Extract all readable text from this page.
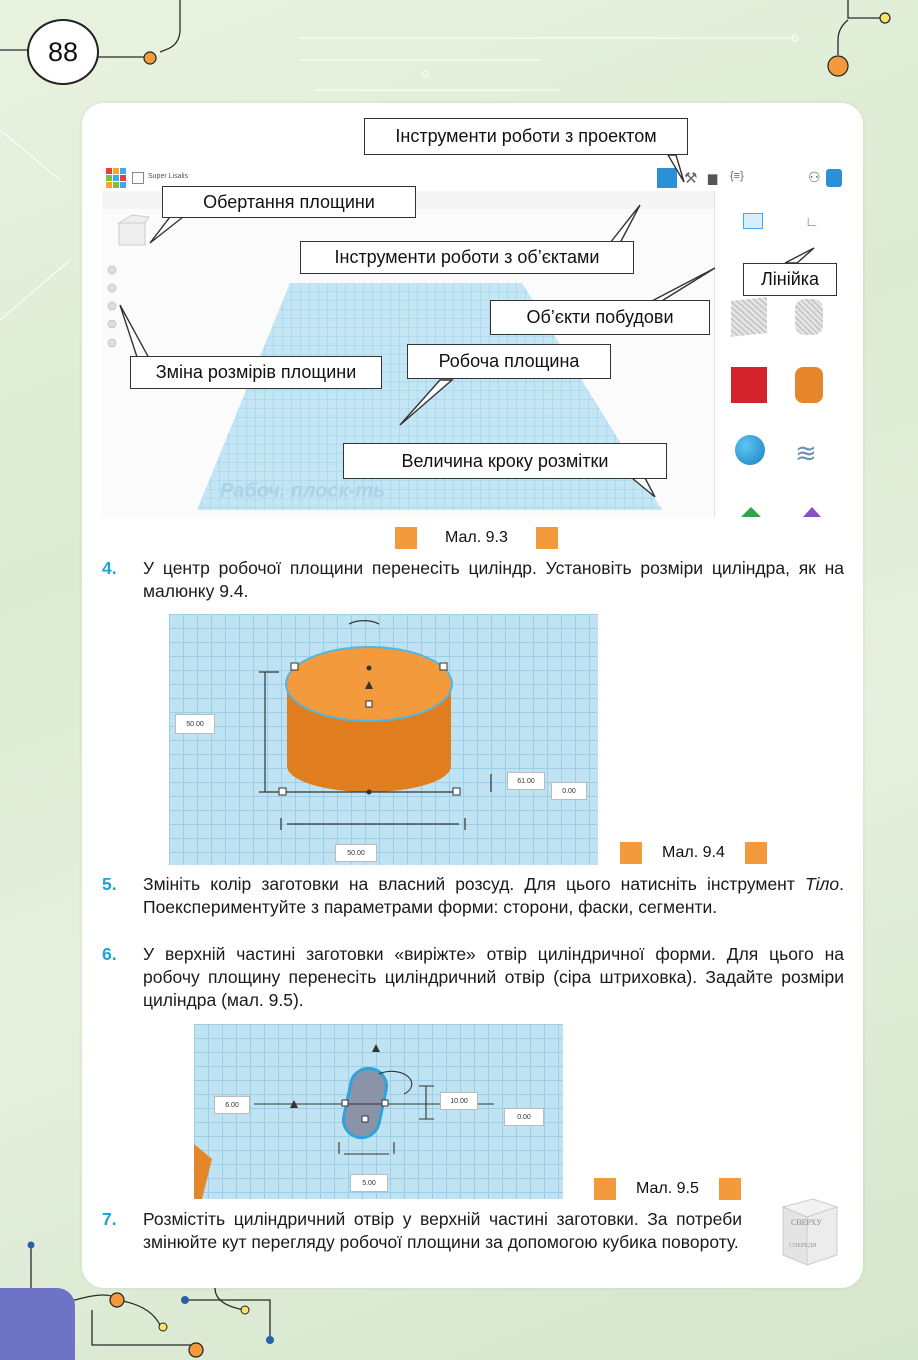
88
Super Lisalis	⚒ ▆ {≡}	⚇
Рабоч. плоск-ть
∟
≋
Інструменти роботи з проектом
Обертання площини
Інструменти роботи з об’єктами
Лінійка
Об’єкти побудови
Зміна розмірів площини
Робоча площина
Величина кроку розмітки
Мал. 9.3
4. У центр робочої площини перенесіть циліндр. Установіть розміри циліндра, як на малюнку 9.4.
50.00
61.00
0.00
50.00	Мал. 9.4
5. Змініть колір заготовки на власний розсуд. Для цього натисніть інструмент Тіло. Поекспериментуйте з параметрами форми: сторони, фаски, сегменти.
6. У верхній частині заготовки «виріжте» отвір циліндричної форми. Для цього на робочу площину перенесіть циліндричний отвір (сіра штриховка). Задайте розміри циліндра (мал. 9.5).
6.00
10.00
0.00
5.00	Мал. 9.5
7. Розмістіть циліндричний отвір у верхній частині заготовки. За потреби змінюйте кут перегляду робочої площини за допомогою кубика повороту.
СВЕРХУ
СПЕРЕДИ
